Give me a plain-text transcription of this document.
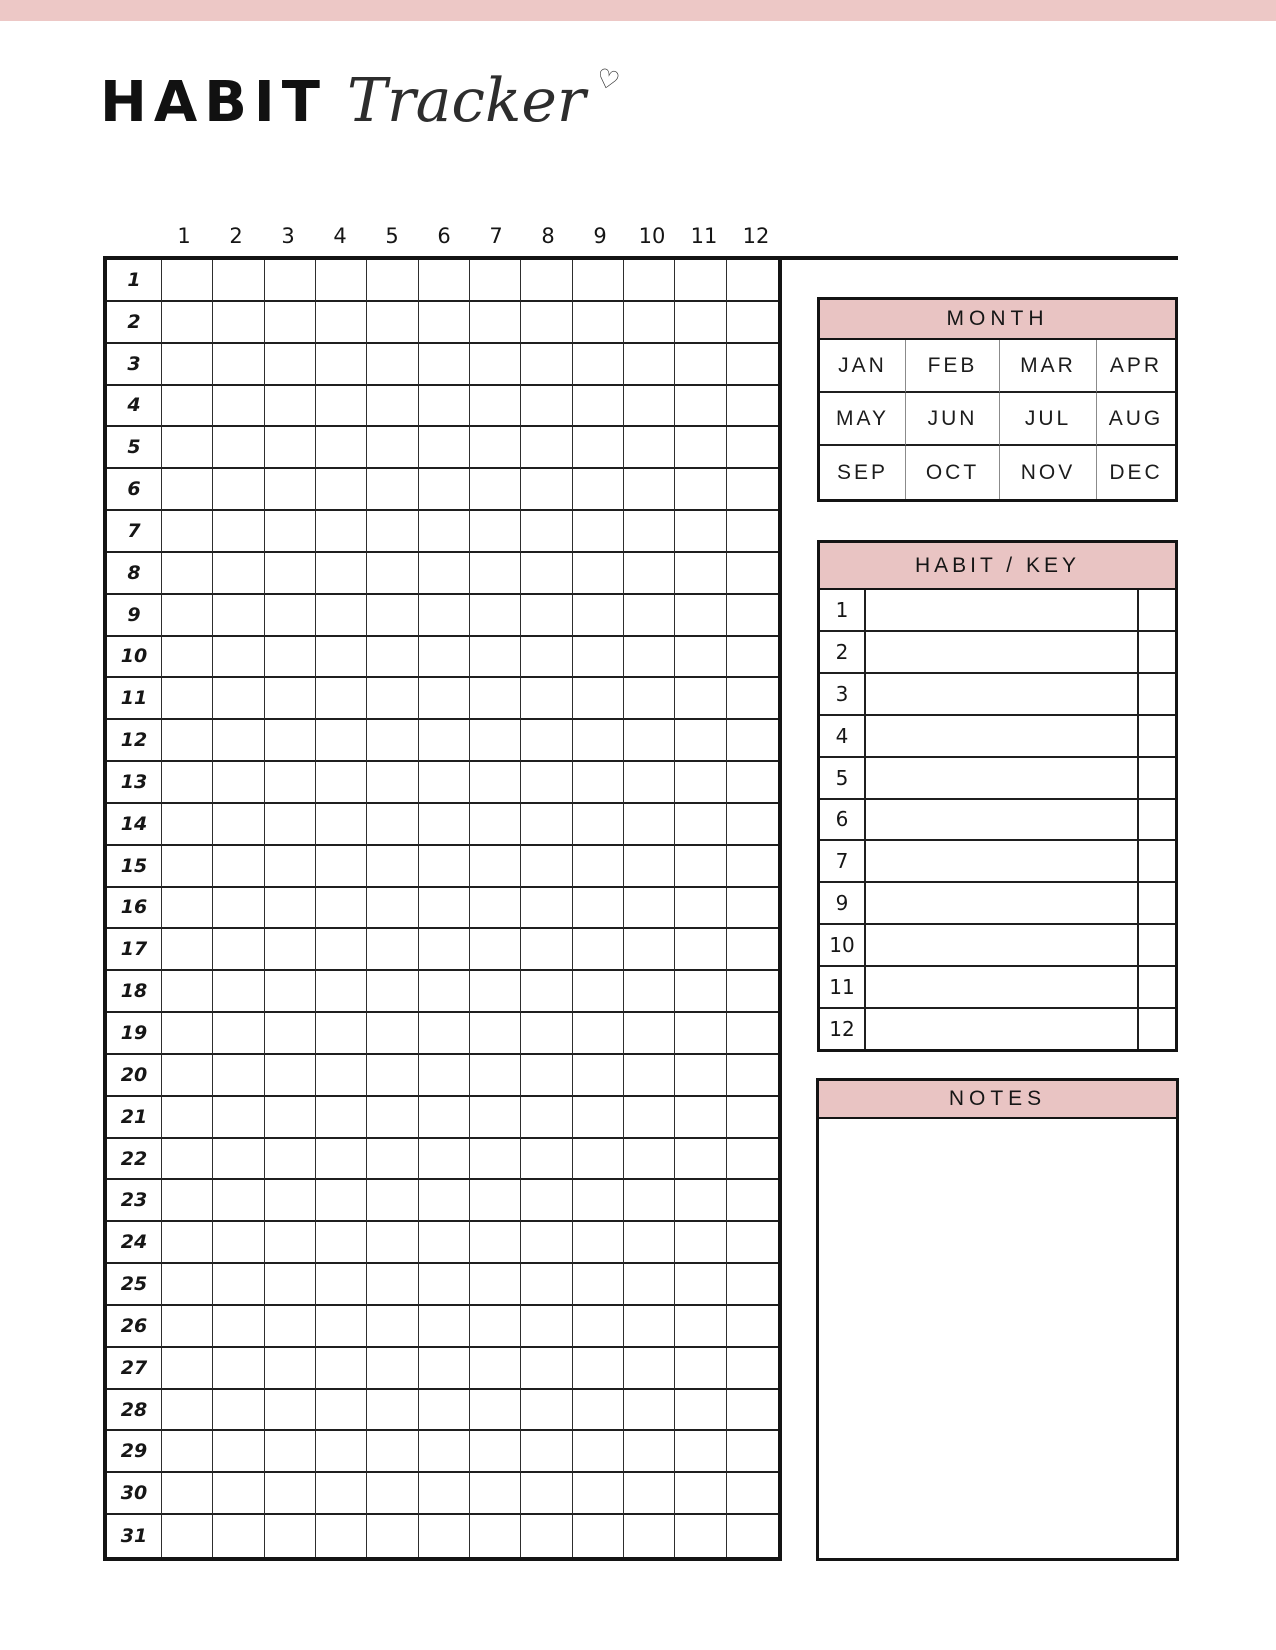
HABIT Tracker ♡
1	2	3	4	5	6	7	8	9	10	11	12
1
2
3
4
5
6
7
8
9
10
11
12
13
14
15
16
17
18
19
20
21
22
23
24
25
26
27
28
29
30
31
MONTH
JAN	FEB	MAR	APR
MAY	JUN	JUL	AUG
SEP	OCT	NOV	DEC
HABIT / KEY
1
2
3
4
5
6
7
9
10
11
12
NOTES
